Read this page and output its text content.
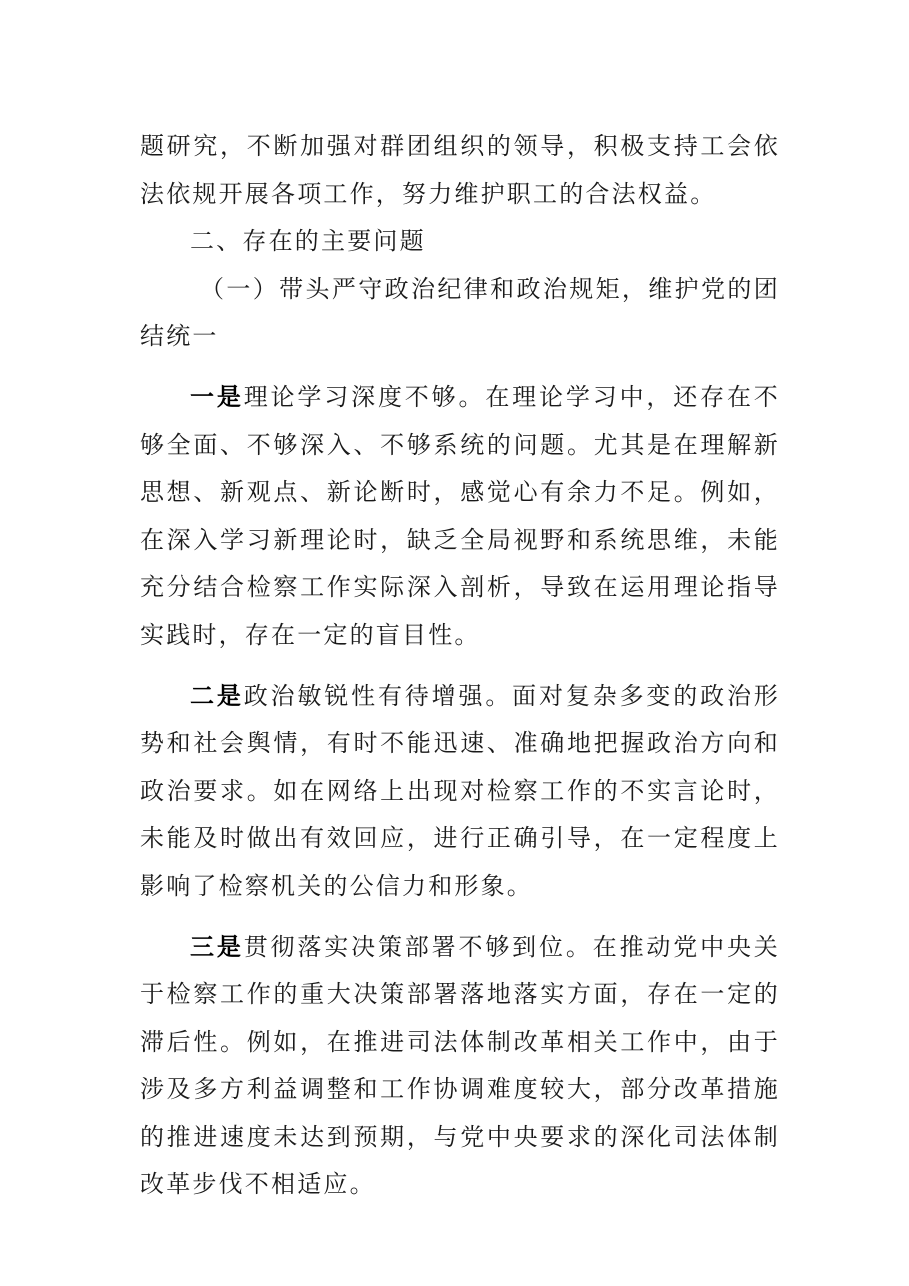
题研究，不断加强对群团组织的领导，积极支持工会依法依规开展各项工作，努力维护职工的合法权益。

二、存在的主要问题

（一）带头严守政治纪律和政治规矩，维护党的团结统一

一是理论学习深度不够。在理论学习中，还存在不够全面、不够深入、不够系统的问题。尤其是在理解新思想、新观点、新论断时，感觉心有余力不足。例如，在深入学习新理论时，缺乏全局视野和系统思维，未能充分结合检察工作实际深入剖析，导致在运用理论指导实践时，存在一定的盲目性。

二是政治敏锐性有待增强。面对复杂多变的政治形势和社会舆情，有时不能迅速、准确地把握政治方向和政治要求。如在网络上出现对检察工作的不实言论时，未能及时做出有效回应，进行正确引导，在一定程度上影响了检察机关的公信力和形象。

三是贯彻落实决策部署不够到位。在推动党中央关于检察工作的重大决策部署落地落实方面，存在一定的滞后性。例如，在推进司法体制改革相关工作中，由于涉及多方利益调整和工作协调难度较大，部分改革措施的推进速度未达到预期，与党中央要求的深化司法体制改革步伐不相适应。
